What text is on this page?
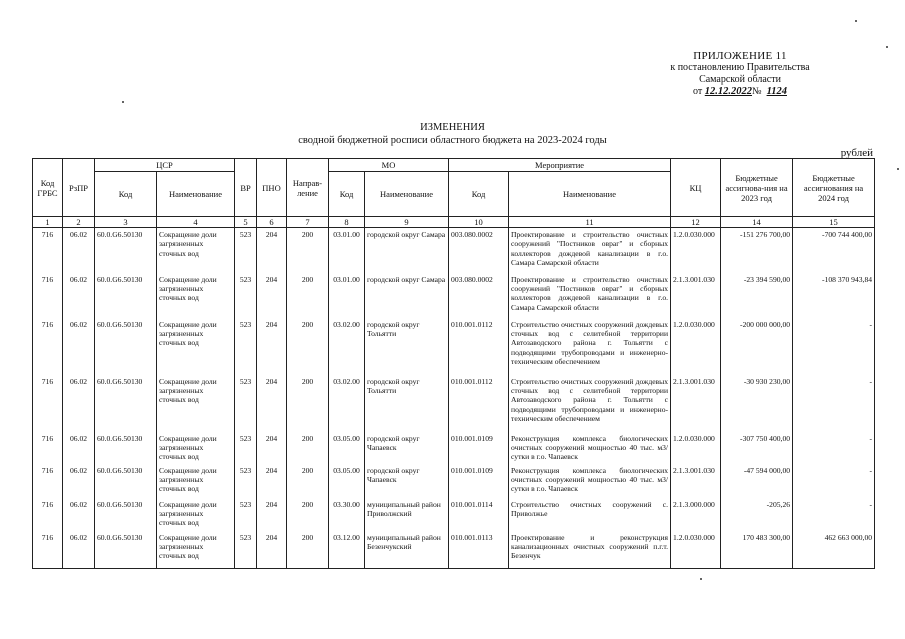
ПРИЛОЖЕНИЕ 11
к постановлению Правительства
Самарской области
от
12.12.2022 №
1124
ИЗМЕНЕНИЯ
сводной бюджетной росписи областного бюджета на 2023-2024 годы
рублей
Код ГРБС	РзПР	ЦСР		ВР	ПНО	Направ-ление	МО		Мероприятие		КЦ	Бюджетные ассигнова-ния на 2023 год	Бюджетные ассигнования на 2024 год
		Код	Наименование				Код	Наименование	Код	Наименование			
1	2	3	4	5	6	7	8	9	10	11	12	14	15
716	06.02	60.0.G6.50130	Сокращение доли загрязненных сточных вод	523	204	200	03.01.00	городской округ Самара	003.080.0002	Проектирование и строительство очистных сооружений "Постников овраг" и сборных коллекторов дождевой канализации в г.о. Самара Самарской области	1.2.0.030.000	-151 276 700,00	-700 744 400,00
716	06.02	60.0.G6.50130	Сокращение доли загрязненных сточных вод	523	204	200	03.01.00	городской округ Самара	003.080.0002	Проектирование и строительство очистных сооружений "Постников овраг" и сборных коллекторов дождевой канализации в г.о. Самара Самарской области	2.1.3.001.030	-23 394 590,00	-108 370 943,84
716	06.02	60.0.G6.50130	Сокращение доли загрязненных сточных вод	523	204	200	03.02.00	городской округ Тольятти	010.001.0112	Строительство очистных сооружений дождевых сточных вод с селитебной территории Автозаводского района г. Тольятти с подводящими трубопроводами и инженерно-техническим обеспечением	1.2.0.030.000	-200 000 000,00	-
716	06.02	60.0.G6.50130	Сокращение доли загрязненных сточных вод	523	204	200	03.02.00	городской округ Тольятти	010.001.0112	Строительство очистных сооружений дождевых сточных вод с селитебной территории Автозаводского района г. Тольятти с подводящими трубопроводами и инженерно-техническим обеспечением	2.1.3.001.030	-30 930 230,00	-
716	06.02	60.0.G6.50130	Сокращение доли загрязненных сточных вод	523	204	200	03.05.00	городской округ Чапаевск	010.001.0109	Реконструкция комплекса биологических очистных сооружений мощностью 40 тыс. м3/сутки в г.о. Чапаевск	1.2.0.030.000	-307 750 400,00	-
716	06.02	60.0.G6.50130	Сокращение доли загрязненных сточных вод	523	204	200	03.05.00	городской округ Чапаевск	010.001.0109	Реконструкция комплекса биологических очистных сооружений мощностью 40 тыс. м3/сутки в г.о. Чапаевск	2.1.3.001.030	-47 594 000,00	-
716	06.02	60.0.G6.50130	Сокращение доли загрязненных сточных вод	523	204	200	03.30.00	муниципальный район Приволжский	010.001.0114	Строительство очистных сооружений с. Приволжье	2.1.3.000.000	-205,26	-
716	06.02	60.0.G6.50130	Сокращение доли загрязненных сточных вод	523	204	200	03.12.00	муниципальный район Безенчукский	010.001.0113	Проектирование и реконструкция канализационных очистных сооружений п.г.т. Безенчук	1.2.0.030.000	170 483 300,00	462 663 000,00
